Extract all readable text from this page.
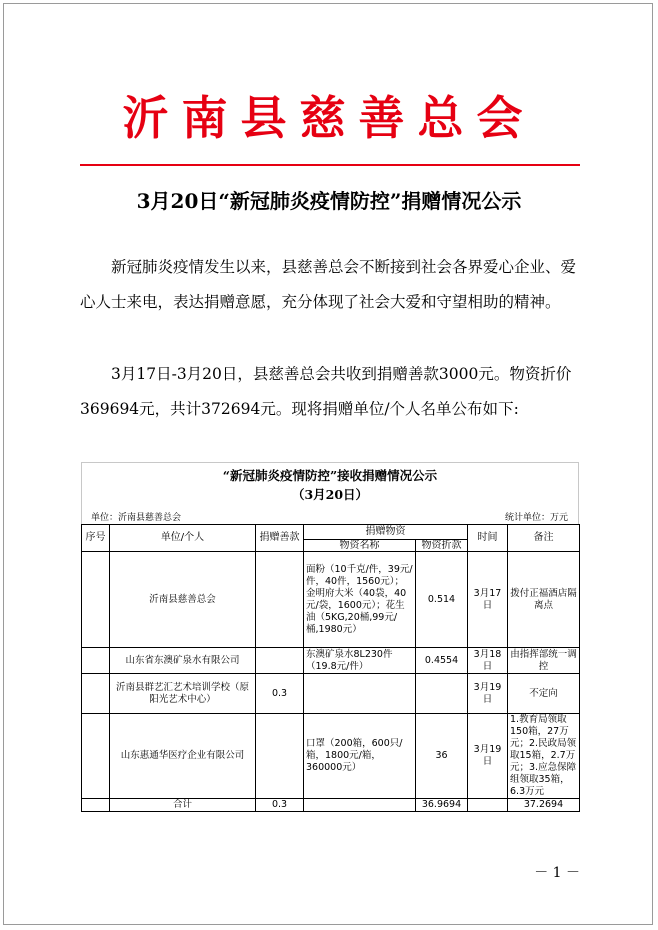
沂南县慈善总会
3月20日“新冠肺炎疫情防控”捐赠情况公示

新冠肺炎疫情发生以来，县慈善总会不断接到社会各界爱心企业、爱心人士来电，表达捐赠意愿，充分体现了社会大爱和守望相助的精神。

3月17日-3月20日，县慈善总会共收到捐赠善款3000元。物资折价369694元，共计372694元。现将捐赠单位/个人名单公布如下:

“新冠肺炎疫情防控”接收捐赠情况公示
（3月20日）
单位：沂南县慈善总会	统计单位：万元
序号	单位/个人	捐赠善款	捐赠物资		时间	备注
			物资名称	物资折款		
	沂南县慈善总会		面粉（10千克/件，39元/件，40件，1560元）；金明府大米（40袋，40元/袋，1600元）；花生油（5KG,20桶,99元/桶,1980元）	0.514	3月17日	拨付正福酒店隔离点
	山东省东澳矿泉水有限公司		东澳矿泉水8L230件（19.8元/件）	0.4554	3月18日	由指挥部统一调控
	沂南县群艺汇艺术培训学校（原阳光艺术中心）	0.3			3月19日	不定向
	山东惠通华医疗企业有限公司		口罩（200箱，600只/箱，1800元/箱，360000元）	36	3月19日	1.教育局领取150箱，27万元；2.民政局领取15箱，2.7万元；3.应急保障组领取35箱，6.3万元
	合计	0.3		36.9694		37.2694
－ 1 －
